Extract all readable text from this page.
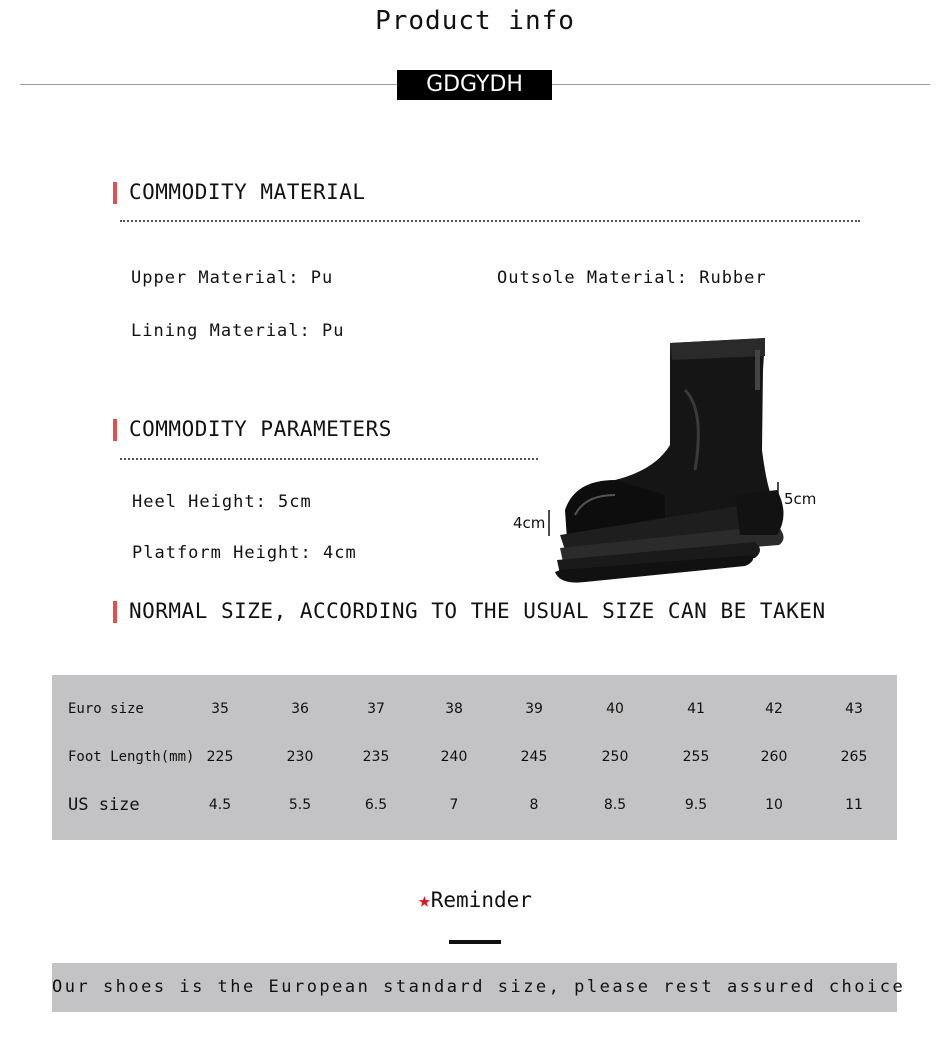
Product info
GDGYDH
COMMODITY MATERIAL
Upper Material: Pu	Outsole Material: Rubber
Lining Material: Pu
COMMODITY PARAMETERS
Heel Height: 5cm
Platform Height: 4cm
5cm
4cm
NORMAL SIZE, ACCORDING TO THE USUAL SIZE CAN BE TAKEN
Euro size	35	36	37	38	39	40	41	42	43
Foot Length(mm) 225	230	235	240	245	250	255	260	265
US size	4.5	5.5	6.5	7	8	8.5	9.5	10	11
★Reminder
Our shoes is the European standard size, please rest assured choice
